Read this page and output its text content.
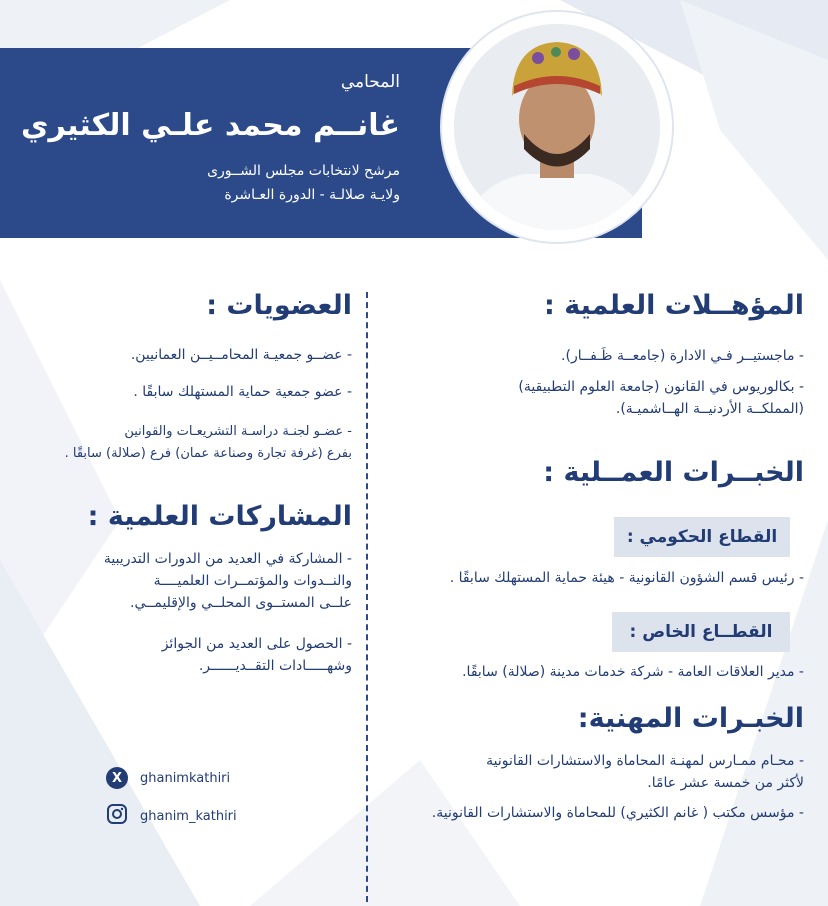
المحامي
غانــم محمد علـي الكثيري
مرشح لانتخابات مجلس الشــورى
ولايـة صلالـة - الدورة العـاشرة
المؤهــلات العلمية :
- ماجستيــر فـي الادارة (جامعــة ظَـفــار).
- بكالوريوس في القانون (جامعة العلوم التطبيقية)
(المملكــة الأردنيــة الهــاشميـة).
الخبــرات العمــلية :
القطاع الحكومي :
- رئيس قسم الشؤون القانونية - هيئة حماية المستهلك سابقًا .
القطــاع الخاص :
- مدير العلاقات العامة - شركة خدمات مدينة (صلالة) سابقًا.
الخبـرات المهنية:
- محـام ممـارس لمهنـة المحاماة والاستشارات القانونية
لأكثر من خمسة عشر عامًا.
- مؤسس مكتب ( غانم الكثيري) للمحاماة والاستشارات القانونية.
العضويات :
- عضــو جمعيـة المحامــيــن العمانيين.
- عضو جمعية حماية المستهلك سابقًا .
- عضـو لجنـة دراسـة التشريعـات والقوانين
بفرع (غرفة تجارة وصناعة عمان) فرع (صلالة) سابقًا .
المشاركات العلمية :
- المشاركة في العديد من الدورات التدريبية
والنــدوات والمؤتمــرات العلميــــة
علــى المستــوى المحلــي والإقليمــي.
- الحصول على العديد من الجوائز
وشهـــــادات التقــديــــــر.
X	ghanimkathiri
ghanim_kathiri
